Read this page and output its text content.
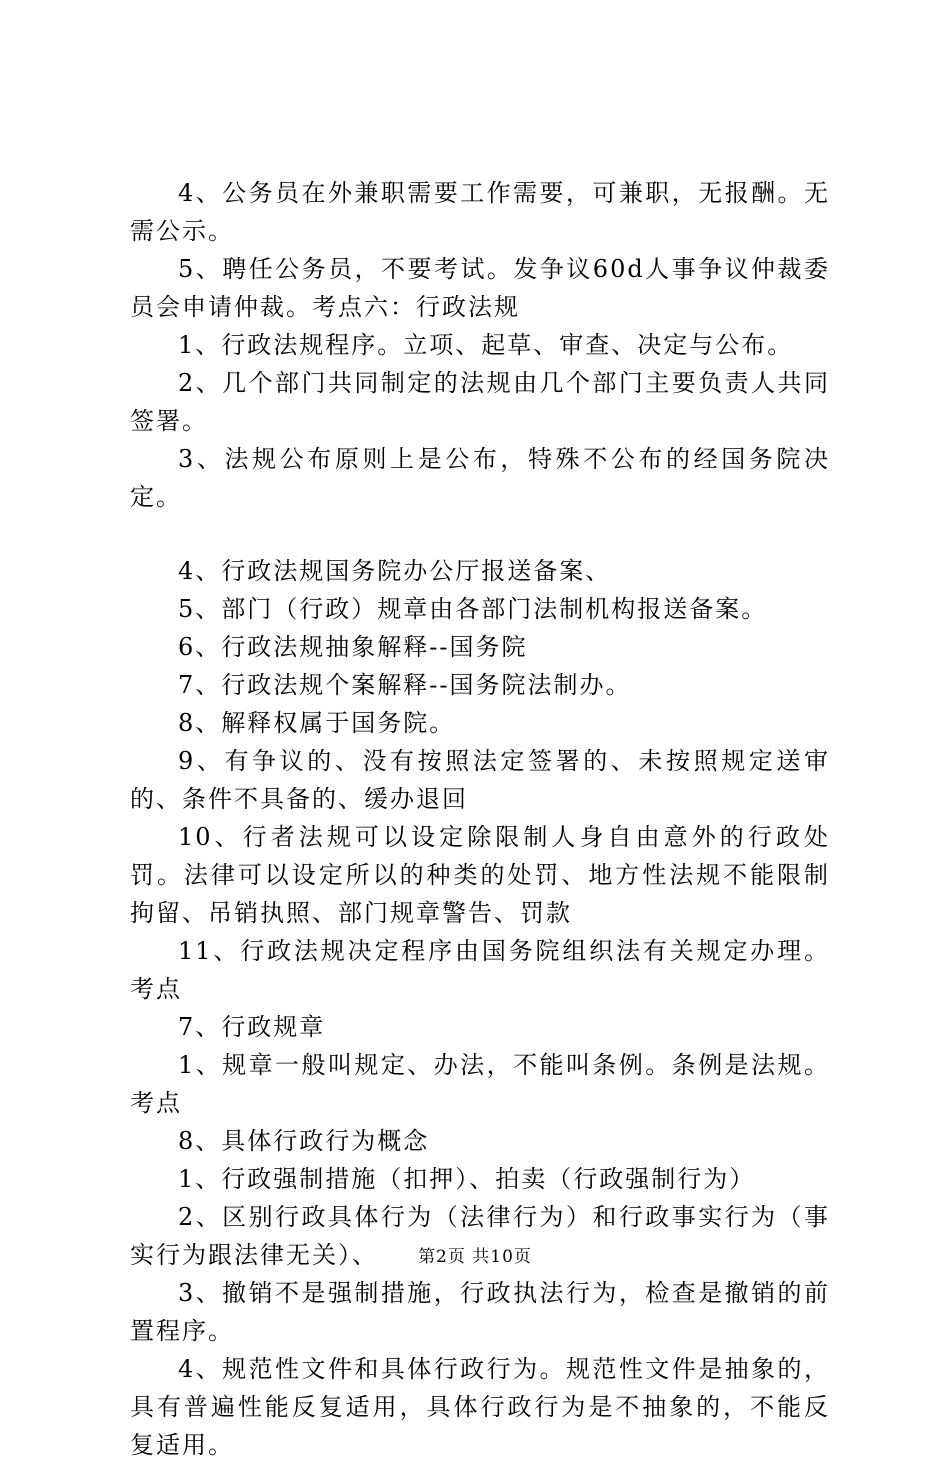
4、公务员在外兼职需要工作需要，可兼职，无报酬。无需公示。

5、聘任公务员，不要考试。发争议60d人事争议仲裁委员会申请仲裁。考点六：行政法规

1、行政法规程序。立项、起草、审查、决定与公布。

2、几个部门共同制定的法规由几个部门主要负责人共同签署。

3、法规公布原则上是公布，特殊不公布的经国务院决定。

4、行政法规国务院办公厅报送备案、

5、部门（行政）规章由各部门法制机构报送备案。

6、行政法规抽象解释--国务院

7、行政法规个案解释--国务院法制办。

8、解释权属于国务院。

9、有争议的、没有按照法定签署的、未按照规定送审的、条件不具备的、缓办退回

10、行者法规可以设定除限制人身自由意外的行政处罚。法律可以设定所以的种类的处罚、地方性法规不能限制拘留、吊销执照、部门规章警告、罚款

11、行政法规决定程序由国务院组织法有关规定办理。考点

7、行政规章

1、规章一般叫规定、办法，不能叫条例。条例是法规。考点

8、具体行政行为概念

1、行政强制措施（扣押）、拍卖（行政强制行为）

2、区别行政具体行为（法律行为）和行政事实行为（事实行为跟法律无关）、

3、撤销不是强制措施，行政执法行为，检查是撤销的前置程序。

4、规范性文件和具体行政行为。规范性文件是抽象的，具有普遍性能反复适用，具体行政行为是不抽象的，不能反复适用。

第2页 共10页
